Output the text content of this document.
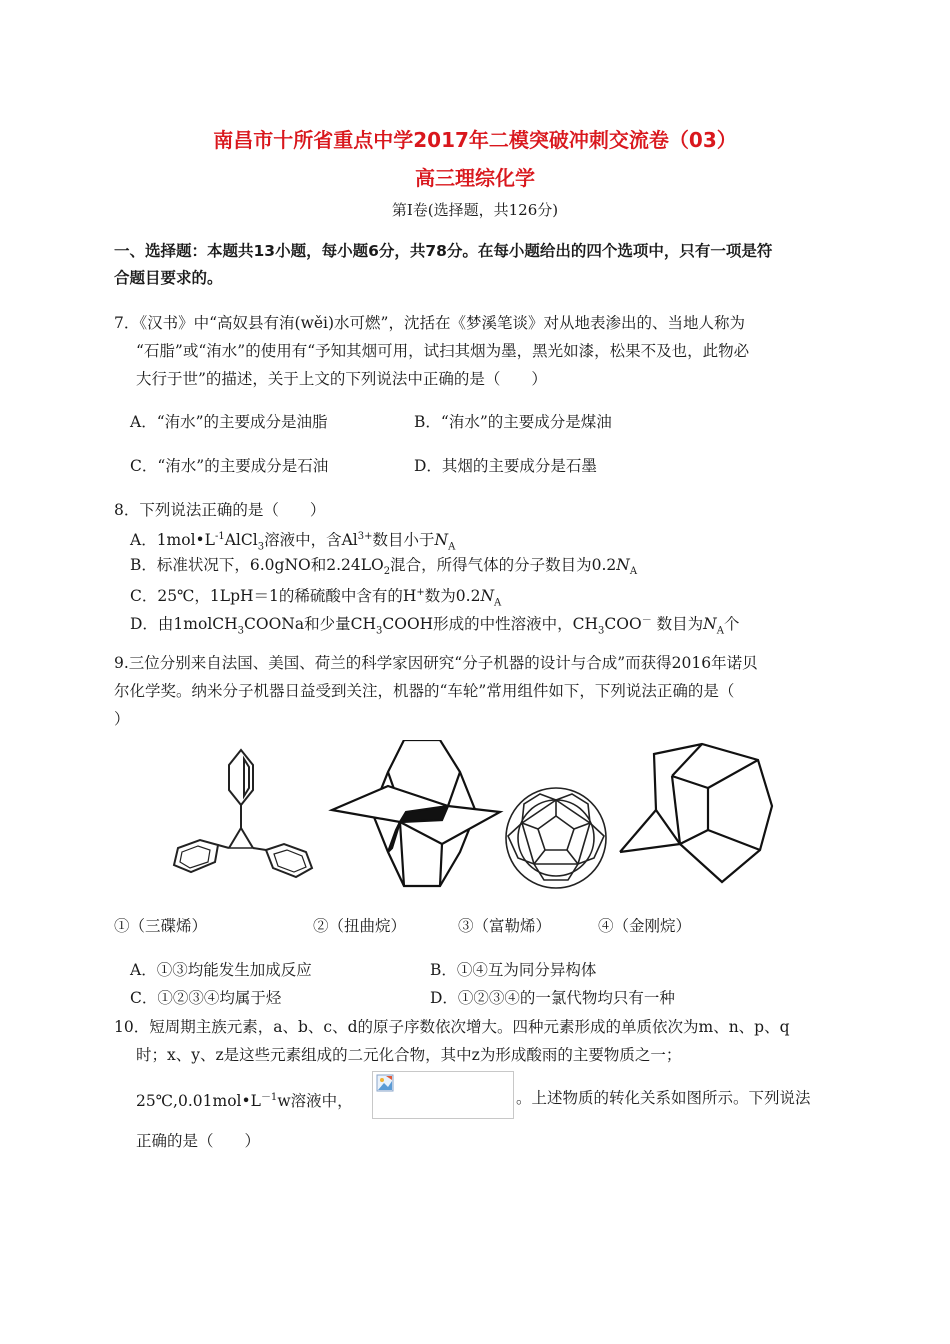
南昌市十所省重点中学2017年二模突破冲刺交流卷（03）
高三理综化学
第Ⅰ卷(选择题，共126分)
一、选择题：本题共13小题，每小题6分，共78分。在每小题给出的四个选项中，只有一项是符
合题目要求的。
7．《汉书》中“高奴县有洧(wěi)水可燃”，沈括在《梦溪笔谈》对从地表渗出的、当地人称为
“石脂”或“洧水”的使用有“予知其烟可用，试扫其烟为墨，黑光如漆，松果不及也，此物必
大行于世”的描述，关于上文的下列说法中正确的是（　　）
A．“洧水”的主要成分是油脂	B．“洧水”的主要成分是煤油
C．“洧水”的主要成分是石油	D．其烟的主要成分是石墨
8．下列说法正确的是（　　）
A．$1mol•L^{-1}AlCl_3$溶液中，含$Al^{3+}$数目小于$N_A$
B．标准状况下，6.0gNO和$2.24LO_2$混合，所得气体的分子数目为$0.2N_A$
C．25℃，1LpH＝1的稀硫酸中含有的H+数为$0.2N_A$
D．由1molCH$_3$COONa和少量$CH_3COOH$形成的中性溶液中，$CH_3COO^-$ 数目为$N_A$个
9.三位分别来自法国、美国、荷兰的科学家因研究“分子机器的设计与合成”而获得2016年诺贝
尔化学奖。纳米分子机器日益受到关注，机器的“车轮”常用组件如下，下列说法正确的是（
）
①（三碟烯）	②（扭曲烷）	③（富勒烯）	④（金刚烷）
A．①③均能发生加成反应	B．①④互为同分异构体
C．①②③④均属于烃	D．①②③④的一氯代物均只有一种
10．短周期主族元素，a、b、c、d的原子序数依次增大。四种元素形成的单质依次为m、n、p、q
时；x、y、z是这些元素组成的二元化合物，其中z为形成酸雨的主要物质之一；
$25℃,0.01mol•L^{-1}w$溶液中，	。上述物质的转化关系如图所示。下列说法
正确的是（　　）
